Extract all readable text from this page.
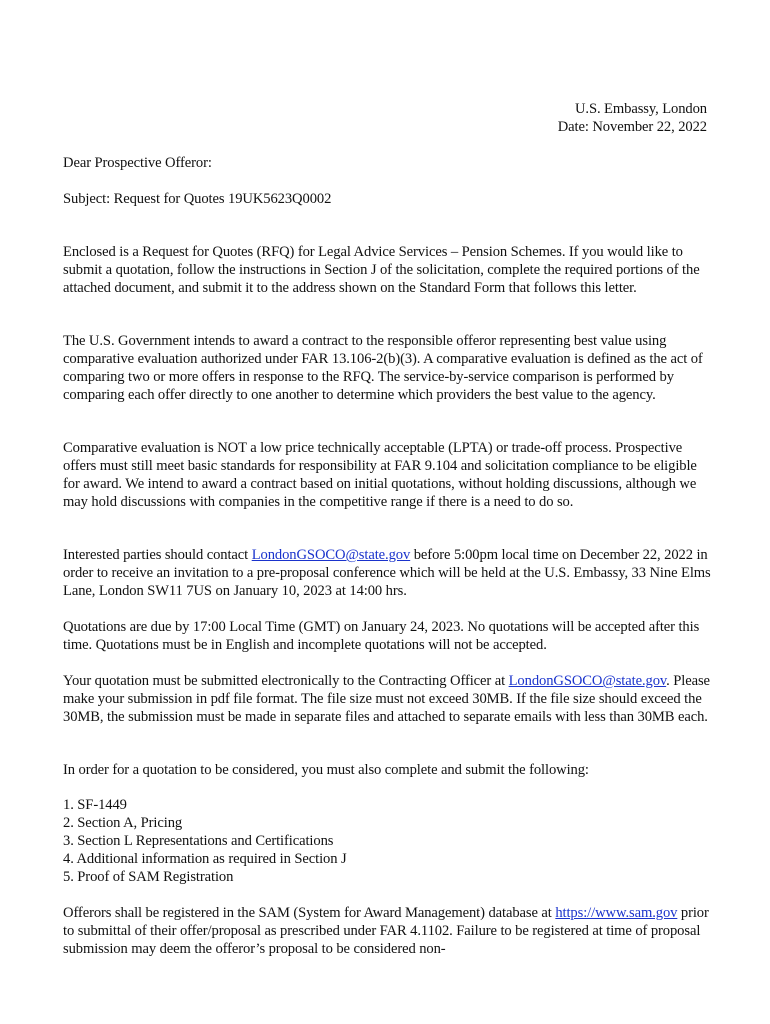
U.S. Embassy, London
Date: November 22, 2022

Dear Prospective Offeror:

Subject: Request for Quotes 19UK5623Q0002

Enclosed is a Request for Quotes (RFQ) for Legal Advice Services – Pension Schemes. If you would like to submit a quotation, follow the instructions in Section J of the solicitation, complete the required portions of the attached document, and submit it to the address shown on the Standard Form that follows this letter.

The U.S. Government intends to award a contract to the responsible offeror representing best value using comparative evaluation authorized under FAR 13.106-2(b)(3). A comparative evaluation is defined as the act of comparing two or more offers in response to the RFQ. The service-by-service comparison is performed by comparing each offer directly to one another to determine which providers the best value to the agency.

Comparative evaluation is NOT a low price technically acceptable (LPTA) or trade-off process. Prospective offers must still meet basic standards for responsibility at FAR 9.104 and solicitation compliance to be eligible for award. We intend to award a contract based on initial quotations, without holding discussions, although we may hold discussions with companies in the competitive range if there is a need to do so.

Interested parties should contact LondonGSOCO@state.gov before 5:00pm local time on December 22, 2022 in order to receive an invitation to a pre-proposal conference which will be held at the U.S. Embassy, 33 Nine Elms Lane, London SW11 7US on January 10, 2023 at 14:00 hrs.

Quotations are due by 17:00 Local Time (GMT) on January 24, 2023. No quotations will be accepted after this time. Quotations must be in English and incomplete quotations will not be accepted.

Your quotation must be submitted electronically to the Contracting Officer at LondonGSOCO@state.gov. Please make your submission in pdf file format. The file size must not exceed 30MB. If the file size should exceed the 30MB, the submission must be made in separate files and attached to separate emails with less than 30MB each.

In order for a quotation to be considered, you must also complete and submit the following:

1. SF-1449
2. Section A, Pricing
3. Section L Representations and Certifications
4. Additional information as required in Section J
5. Proof of SAM Registration

Offerors shall be registered in the SAM (System for Award Management) database at https://www.sam.gov prior to submittal of their offer/proposal as prescribed under FAR 4.1102. Failure to be registered at time of proposal submission may deem the offeror’s proposal to be considered non-
